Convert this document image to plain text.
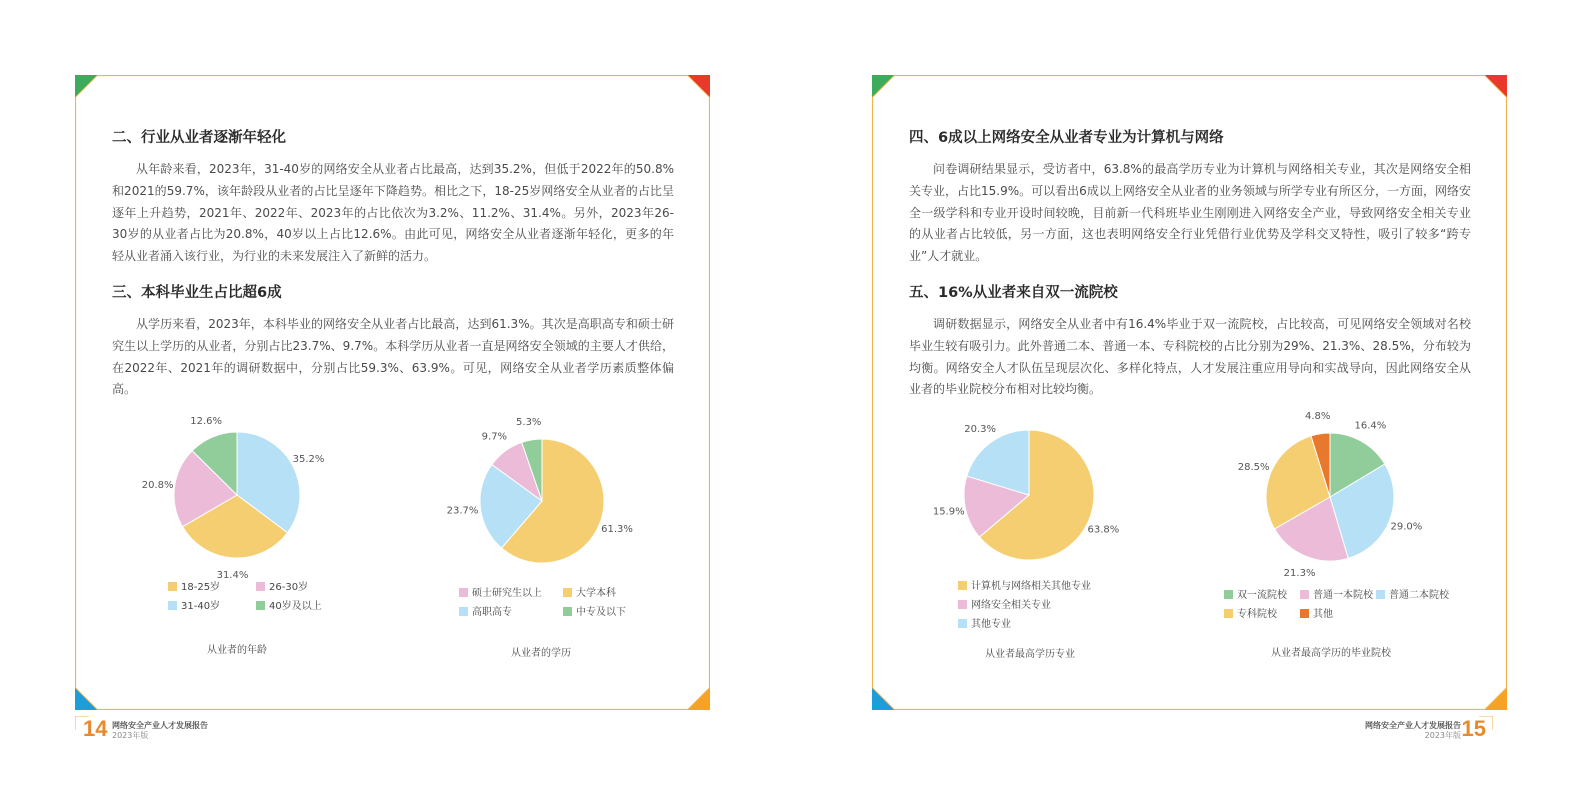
二、行业从业者逐渐年轻化

从年龄来看，2023年，31-40岁的网络安全从业者占比最高，达到35.2%，但低于2022年的50.8%和2021的59.7%，该年龄段从业者的占比呈逐年下降趋势。相比之下，18-25岁网络安全从业者的占比呈逐年上升趋势，2021年、2022年、2023年的占比依次为3.2%、11.2%、31.4%。另外，2023年26-30岁的从业者占比为20.8%，40岁以上占比12.6%。由此可见，网络安全从业者逐渐年轻化，更多的年轻从业者涌入该行业，为行业的未来发展注入了新鲜的活力。

三、本科毕业生占比超6成

从学历来看，2023年，本科毕业的网络安全从业者占比最高，达到61.3%。其次是高职高专和硕士研究生以上学历的从业者，分别占比23.7%、9.7%。本科学历从业者一直是网络安全领域的主要人才供给，在2022年、2021年的调研数据中，分别占比59.3%、63.9%。可见，网络安全从业者学历素质整体偏高。

35.2%
31.4%
20.8%
12.6%
18-25岁	26-30岁
31-40岁	40岁及以上
从业者的年龄
61.3%
23.7%
9.7%
5.3%
硕士研究生以上	大学本科
高职高专	中专及以下
从业者的学历
四、6成以上网络安全从业者专业为计算机与网络

问卷调研结果显示，受访者中，63.8%的最高学历专业为计算机与网络相关专业，其次是网络安全相关专业，占比15.9%。可以看出6成以上网络安全从业者的业务领域与所学专业有所区分，一方面，网络安全一级学科和专业开设时间较晚，目前新一代科班毕业生刚刚进入网络安全产业，导致网络安全相关专业的从业者占比较低，另一方面，这也表明网络安全行业凭借行业优势及学科交叉特性，吸引了较多“跨专业”人才就业。

五、16%从业者来自双一流院校

调研数据显示，网络安全从业者中有16.4%毕业于双一流院校，占比较高，可见网络安全领域对名校毕业生较有吸引力。此外普通二本、普通一本、专科院校的占比分别为29%、21.3%、28.5%，分布较为均衡。网络安全人才队伍呈现层次化、多样化特点，人才发展注重应用导向和实战导向，因此网络安全从业者的毕业院校分布相对比较均衡。

63.8%
15.9%
20.3%
计算机与网络相关其他专业
网络安全相关专业
其他专业
从业者最高学历专业
16.4%
29.0%
21.3%
28.5%
4.8%
双一流院校	普通一本院校	普通二本院校
专科院校	其他
从业者最高学历的毕业院校
14 网络安全产业人才发展报告
2023年版
网络安全产业人才发展报告
2023年版 15
